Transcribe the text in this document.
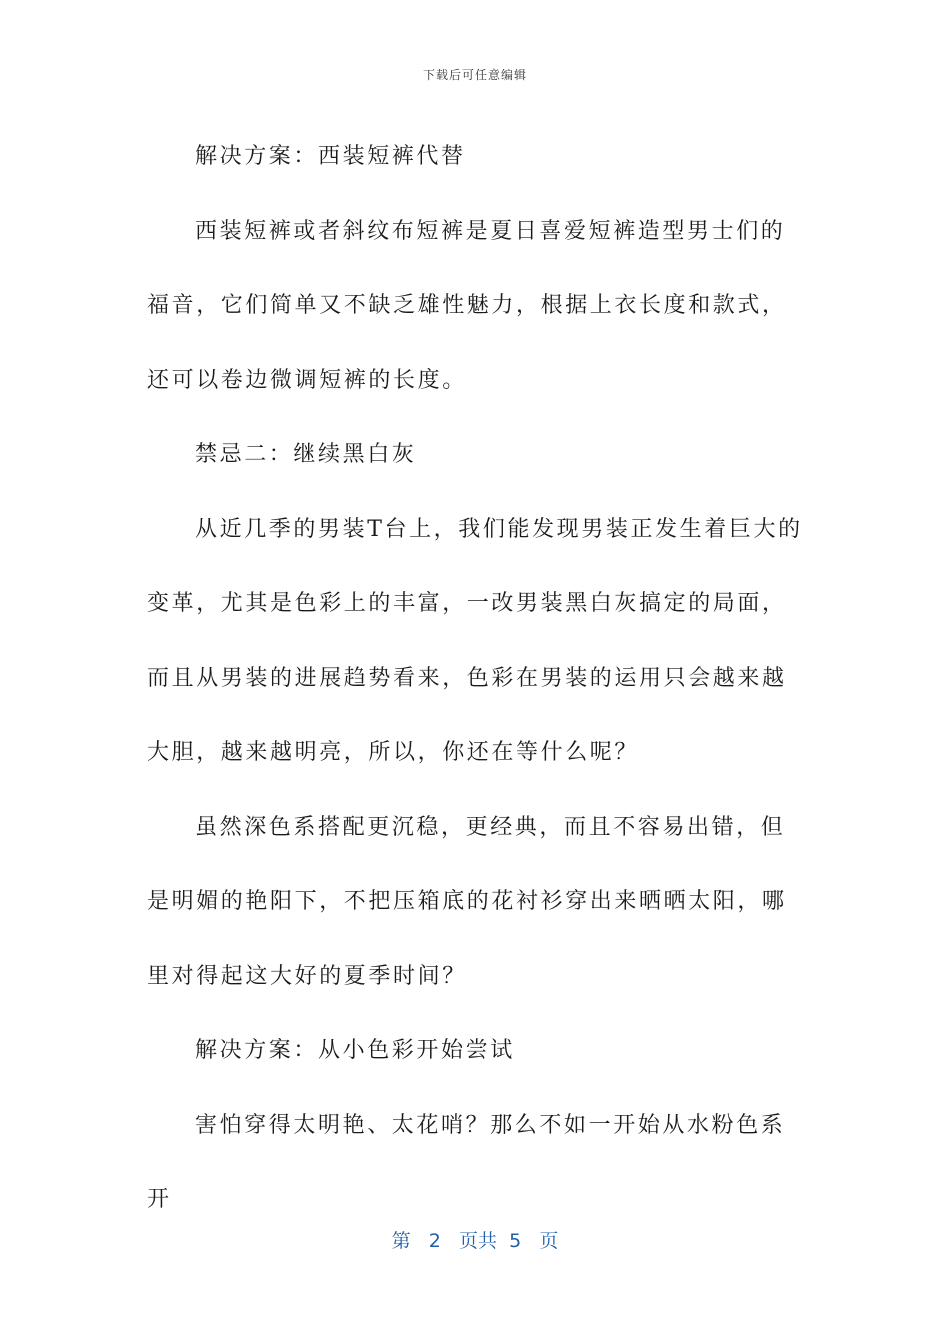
下载后可任意编辑

解决方案：西装短裤代替

西装短裤或者斜纹布短裤是夏日喜爱短裤造型男士们的福音，它们简单又不缺乏雄性魅力，根据上衣长度和款式，还可以卷边微调短裤的长度。

禁忌二：继续黑白灰

从近几季的男装T台上，我们能发现男装正发生着巨大的变革，尤其是色彩上的丰富，一改男装黑白灰搞定的局面，而且从男装的进展趋势看来，色彩在男装的运用只会越来越大胆，越来越明亮，所以，你还在等什么呢？

虽然深色系搭配更沉稳，更经典，而且不容易出错，但是明媚的艳阳下，不把压箱底的花衬衫穿出来晒晒太阳，哪里对得起这大好的夏季时间？

解决方案：从小色彩开始尝试

害怕穿得太明艳、太花哨？那么不如一开始从水粉色系开

第 2 页共 5 页
